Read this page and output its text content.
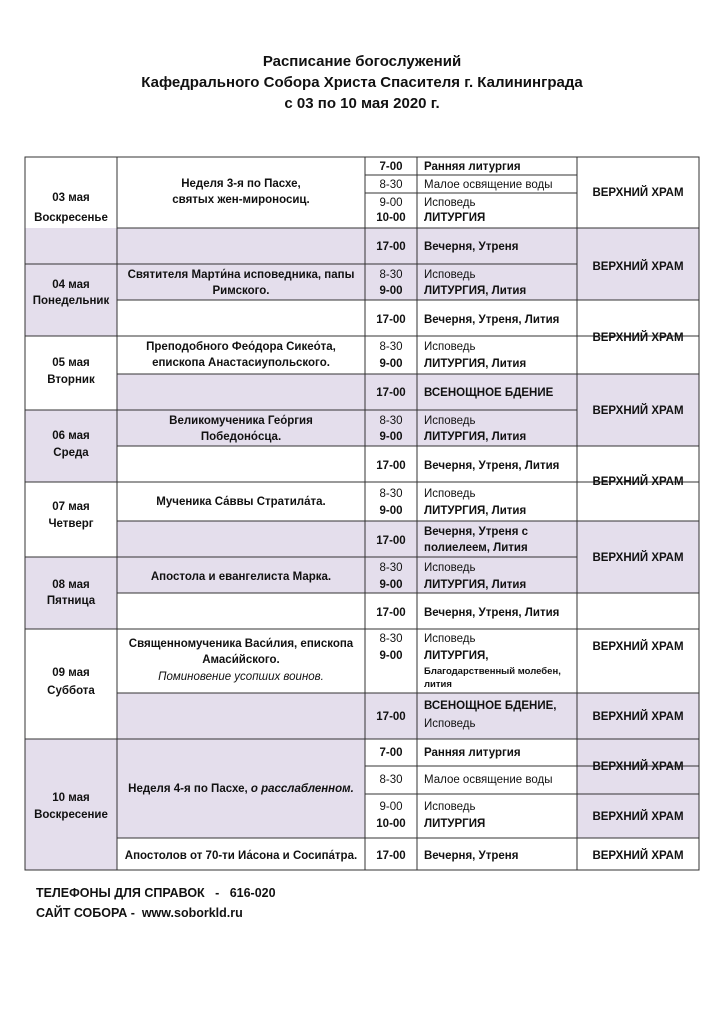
Расписание богослужений
Кафедрального Собора Христа Спасителя г. Калининграда
с 03 по 10 мая 2020 г.
03 мая
Воскресенье
Неделя 3-я по Пасхе,
святых жен-мироносиц.
7-00 Ранняя литургия
8-30 Малое освящение воды
9-00 Исповедь
10-00 ЛИТУРГИЯ
17-00 Вечерня, Утреня
ВЕРХНИЙ ХРАМ
ВЕРХНИЙ ХРАМ
04 мая
Понедельник
Святителя Марти́на исповедника, папы
Римского.
8-30 Исповедь
9-00 ЛИТУРГИЯ, Лития
17-00 Вечерня, Утреня, Лития
ВЕРХНИЙ ХРАМ
05 мая
Вторник
Преподобного Фео́дора Сикео́та,
епископа Анастасиупольского.
8-30 Исповедь
9-00 ЛИТУРГИЯ, Лития
17-00 ВСЕНОЩНОЕ БДЕНИЕ
ВЕРХНИЙ ХРАМ
06 мая
Среда
Великомученика Гео́ргия
Победоно́сца.
8-30 Исповедь
9-00 ЛИТУРГИЯ, Лития
17-00 Вечерня, Утреня, Лития
ВЕРХНИЙ ХРАМ
07 мая
Четверг
Мученика Са́ввы Стратила́та.
8-30 Исповедь
9-00 ЛИТУРГИЯ, Лития
17-00
Вечерня, Утреня с
полиелеем, Лития
ВЕРХНИЙ ХРАМ
08 мая
Пятница
Апостола и евангелиста Марка.
8-30 Исповедь
9-00 ЛИТУРГИЯ, Лития
17-00 Вечерня, Утреня, Лития
ВЕРХНИЙ ХРАМ
09 мая
Суббота
Священномученика Васи́лия, епископа
Амаси́йского.
Поминовение усопших воинов.
8-30 Исповедь
9-00 ЛИТУРГИЯ,
Благодарственный молебен,
лития
17-00
ВСЕНОЩНОЕ БДЕНИЕ,
Исповедь
ВЕРХНИЙ ХРАМ
10 мая
Воскресение
Неделя 4-я по Пасхе, о расслабленном.
Апостолов от 70-ти Иа́сона и Сосипа́тра.
7-00 Ранняя литургия
8-30 Малое освящение воды
9-00 Исповедь
10-00 ЛИТУРГИЯ
17-00 Вечерня, Утреня
ВЕРХНИЙ ХРАМ
ВЕРХНИЙ ХРАМ
ВЕРХНИЙ ХРАМ
ТЕЛЕФОНЫ ДЛЯ СПРАВОК   -   616-020
САЙТ СОБОРА -  www.soborkld.ru
